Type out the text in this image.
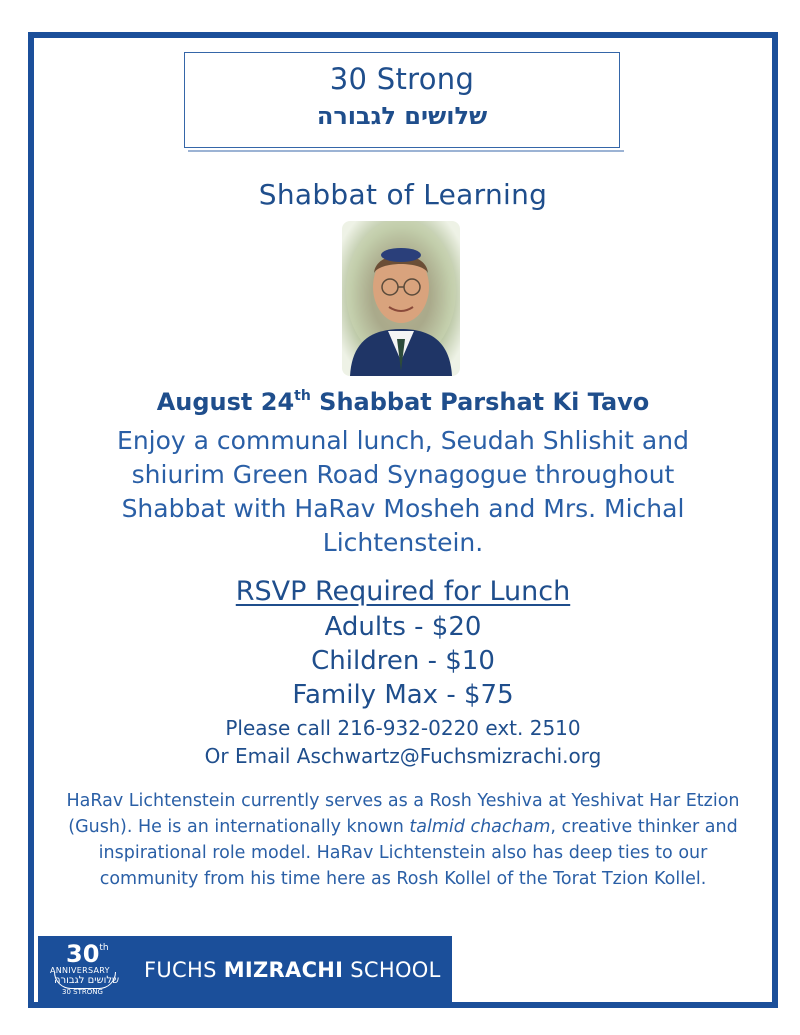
30 Strong
שלושים לגבורה
Shabbat of Learning
August 24th Shabbat Parshat Ki Tavo
Enjoy a communal lunch, Seudah Shlishit and
shiurim Green Road Synagogue throughout
Shabbat with HaRav Mosheh and Mrs. Michal
Lichtenstein.
RSVP Required for Lunch
Adults - $20
Children - $10
Family Max - $75
Please call 216-932-0220 ext. 2510
Or Email Aschwartz@Fuchsmizrachi.org
HaRav Lichtenstein currently serves as a Rosh Yeshiva at Yeshivat Har Etzion (Gush). He is an internationally known talmid chacham, creative thinker and inspirational role model. HaRav Lichtenstein also has deep ties to our community from his time here as Rosh Kollel of the Torat Tzion Kollel.
30th
ANNIVERSARY
שלושים לגבורה
30 STRONG
FUCHS MIZRACHI SCHOOL
